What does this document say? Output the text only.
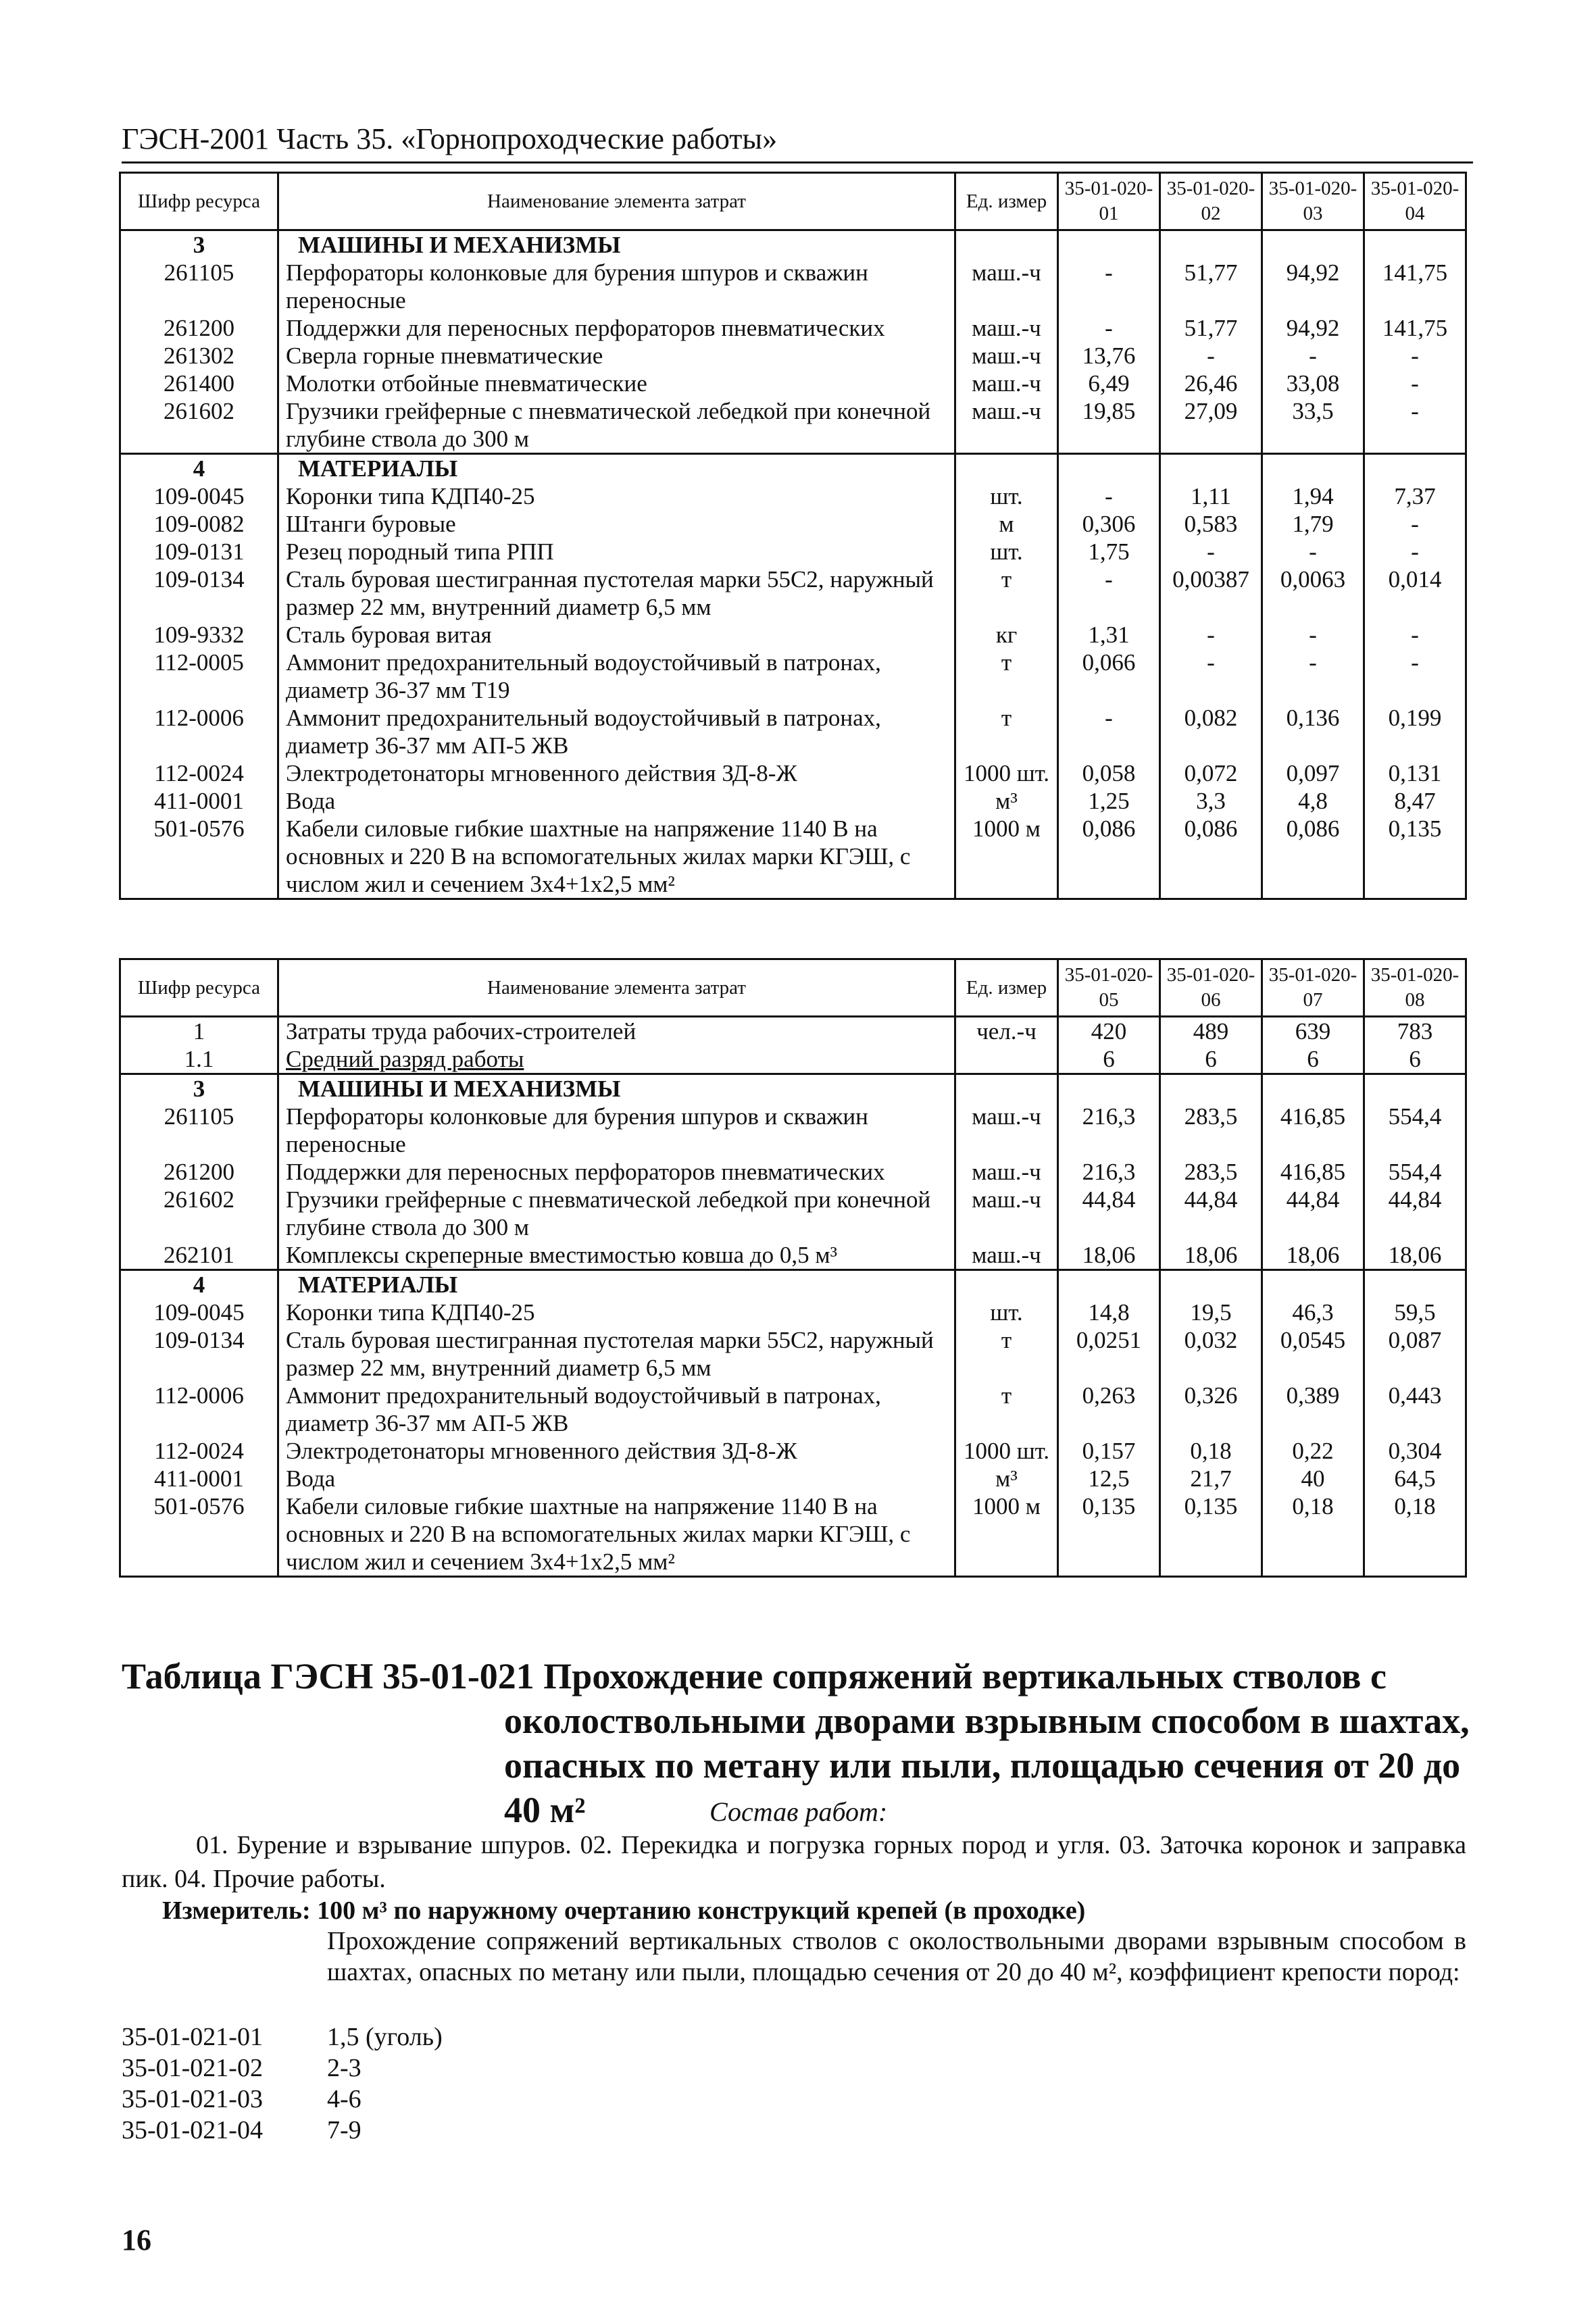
ГЭСН-2001 Часть 35. «Горнопроходческие работы»
Шифр ресурса	Наименование элемента затрат	Ед. измер	35-01-020-01	35-01-020-02	35-01-020-03	35-01-020-04
3	МАШИНЫ И МЕХАНИЗМЫ					
261105	Перфораторы колонковые для бурения шпуров и скважин переносные	маш.-ч	-	51,77	94,92	141,75
261200	Поддержки для переносных перфораторов пневматических	маш.-ч	-	51,77	94,92	141,75
261302	Сверла горные пневматические	маш.-ч	13,76	-	-	-
261400	Молотки отбойные пневматические	маш.-ч	6,49	26,46	33,08	-
261602	Грузчики грейферные с пневматической лебедкой при конечной глубине ствола до 300 м	маш.-ч	19,85	27,09	33,5	-
4	МАТЕРИАЛЫ					
109-0045	Коронки типа КДП40-25	шт.	-	1,11	1,94	7,37
109-0082	Штанги буровые	м	0,306	0,583	1,79	-
109-0131	Резец породный типа РПП	шт.	1,75	-	-	-
109-0134	Сталь буровая шестигранная пустотелая марки 55С2, наружный размер 22 мм, внутренний диаметр 6,5 мм	т	-	0,00387	0,0063	0,014
109-9332	Сталь буровая витая	кг	1,31	-	-	-
112-0005	Аммонит предохранительный водоустойчивый в патронах, диаметр 36-37 мм Т19	т	0,066	-	-	-
112-0006	Аммонит предохранительный водоустойчивый в патронах, диаметр 36-37 мм АП-5 ЖВ	т	-	0,082	0,136	0,199
112-0024	Электродетонаторы мгновенного действия ЗД-8-Ж	1000 шт.	0,058	0,072	0,097	0,131
411-0001	Вода	м³	1,25	3,3	4,8	8,47
501-0576	Кабели силовые гибкие шахтные на напряжение 1140 В на основных и 220 В на вспомогательных жилах марки КГЭШ, с числом жил и сечением 3х4+1х2,5 мм²	1000 м	0,086	0,086	0,086	0,135
Шифр ресурса	Наименование элемента затрат	Ед. измер	35-01-020-05	35-01-020-06	35-01-020-07	35-01-020-08
1	Затраты труда рабочих-строителей	чел.-ч	420	489	639	783
1.1	Средний разряд работы		6	6	6	6
3	МАШИНЫ И МЕХАНИЗМЫ					
261105	Перфораторы колонковые для бурения шпуров и скважин переносные	маш.-ч	216,3	283,5	416,85	554,4
261200	Поддержки для переносных перфораторов пневматических	маш.-ч	216,3	283,5	416,85	554,4
261602	Грузчики грейферные с пневматической лебедкой при конечной глубине ствола до 300 м	маш.-ч	44,84	44,84	44,84	44,84
262101	Комплексы скреперные вместимостью ковша до 0,5 м³	маш.-ч	18,06	18,06	18,06	18,06
4	МАТЕРИАЛЫ					
109-0045	Коронки типа КДП40-25	шт.	14,8	19,5	46,3	59,5
109-0134	Сталь буровая шестигранная пустотелая марки 55С2, наружный размер 22 мм, внутренний диаметр 6,5 мм	т	0,0251	0,032	0,0545	0,087
112-0006	Аммонит предохранительный водоустойчивый в патронах, диаметр 36-37 мм АП-5 ЖВ	т	0,263	0,326	0,389	0,443
112-0024	Электродетонаторы мгновенного действия ЗД-8-Ж	1000 шт.	0,157	0,18	0,22	0,304
411-0001	Вода	м³	12,5	21,7	40	64,5
501-0576	Кабели силовые гибкие шахтные на напряжение 1140 В на основных и 220 В на вспомогательных жилах марки КГЭШ, с числом жил и сечением 3х4+1х2,5 мм²	1000 м	0,135	0,135	0,18	0,18
Таблица ГЭСН 35-01-021 Прохождение сопряжений вертикальных стволов с
околоствольными дворами взрывным способом в шахтах,
опасных по метану или пыли, площадью сечения от 20 до 40 м²	Состав работ:
01. Бурение и взрывание шпуров. 02. Перекидка и погрузка горных пород и угля. 03. Заточка коронок и заправка пик. 04. Прочие работы.
Измеритель: 100 м³ по наружному очертанию конструкций крепей (в проходке)
Прохождение сопряжений вертикальных стволов с околоствольными дворами взрывным способом в шахтах, опасных по метану или пыли, площадью сечения от 20 до 40 м², коэффициент крепости пород:
35-01-021-01	1,5 (уголь)
35-01-021-02	2-3
35-01-021-03	4-6
35-01-021-04	7-9
16
